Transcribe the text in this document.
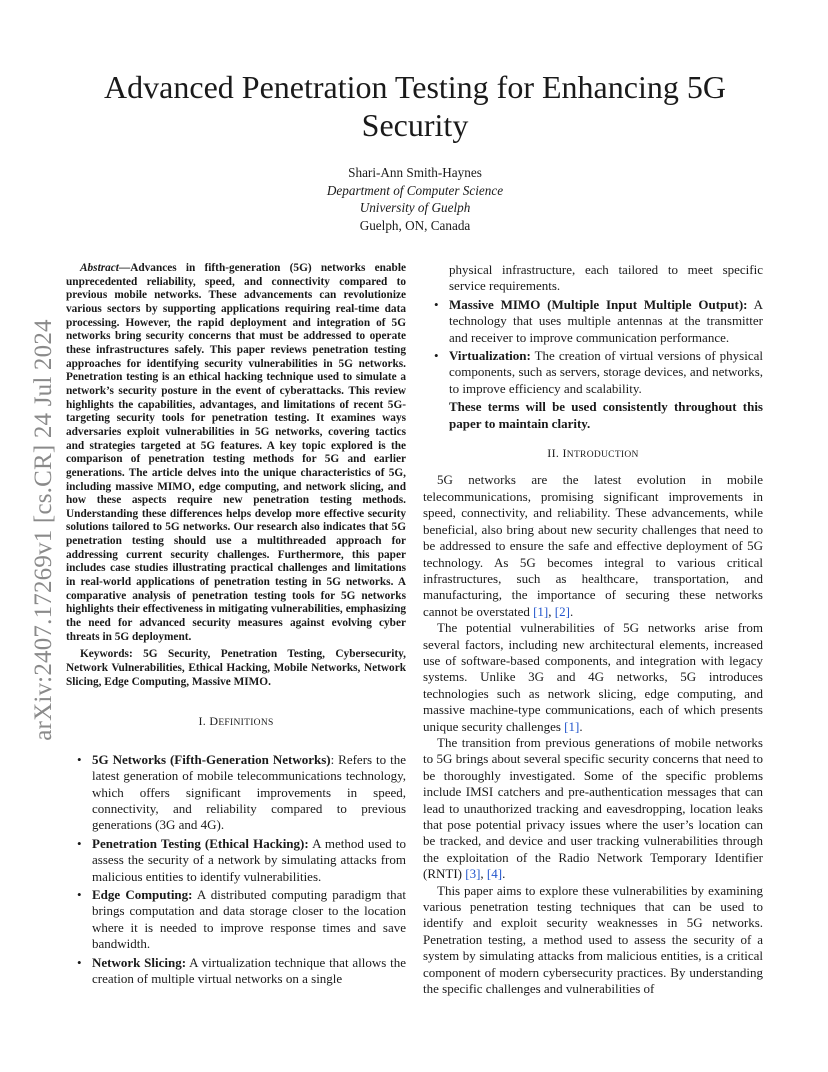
arXiv:2407.17269v1 [cs.CR] 24 Jul 2024
Advanced Penetration Testing for Enhancing 5G Security
Shari-Ann Smith-Haynes
Department of Computer Science
University of Guelph
Guelph, ON, Canada

Abstract—Advances in fifth-generation (5G) networks enable unprecedented reliability, speed, and connectivity compared to previous mobile networks. These advancements can revolutionize various sectors by supporting applications requiring real-time data processing. However, the rapid deployment and integration of 5G networks bring security concerns that must be addressed to operate these infrastructures safely. This paper reviews penetration testing approaches for identifying security vulnerabilities in 5G networks. Penetration testing is an ethical hacking technique used to simulate a network’s security posture in the event of cyberattacks. This review highlights the capabilities, advantages, and limitations of recent 5G-targeting security tools for penetration testing. It examines ways adversaries exploit vulnerabilities in 5G networks, covering tactics and strategies targeted at 5G features. A key topic explored is the comparison of penetration testing methods for 5G and earlier generations. The article delves into the unique characteristics of 5G, including massive MIMO, edge computing, and network slicing, and how these aspects require new penetration testing methods. Understanding these differences helps develop more effective security solutions tailored to 5G networks. Our research also indicates that 5G penetration testing should use a multithreaded approach for addressing current security challenges. Furthermore, this paper includes case studies illustrating practical challenges and limitations in real-world applications of penetration testing in 5G networks. A comparative analysis of penetration testing tools for 5G networks highlights their effectiveness in mitigating vulnerabilities, emphasizing the need for advanced security measures against evolving cyber threats in 5G deployment.

Keywords: 5G Security, Penetration Testing, Cybersecurity, Network Vulnerabilities, Ethical Hacking, Mobile Networks, Network Slicing, Edge Computing, Massive MIMO.

I. DEFINITIONS
• 5G Networks (Fifth-Generation Networks): Refers to the latest generation of mobile telecommunications technology, which offers significant improvements in speed, connectivity, and reliability compared to previous generations (3G and 4G).
• Penetration Testing (Ethical Hacking): A method used to assess the security of a network by simulating attacks from malicious entities to identify vulnerabilities.
• Edge Computing: A distributed computing paradigm that brings computation and data storage closer to the location where it is needed to improve response times and save bandwidth.
• Network Slicing: A virtualization technique that allows the creation of multiple virtual networks on a single
physical infrastructure, each tailored to meet specific service requirements.
• Massive MIMO (Multiple Input Multiple Output): A technology that uses multiple antennas at the transmitter and receiver to improve communication performance.
• Virtualization: The creation of virtual versions of physical components, such as servers, storage devices, and networks, to improve efficiency and scalability.
These terms will be used consistently throughout this paper to maintain clarity.
II. INTRODUCTION

5G networks are the latest evolution in mobile telecommunications, promising significant improvements in speed, connectivity, and reliability. These advancements, while beneficial, also bring about new security challenges that need to be addressed to ensure the safe and effective deployment of 5G technology. As 5G becomes integral to various critical infrastructures, such as healthcare, transportation, and manufacturing, the importance of securing these networks cannot be overstated [1], [2].

The potential vulnerabilities of 5G networks arise from several factors, including new architectural elements, increased use of software-based components, and integration with legacy systems. Unlike 3G and 4G networks, 5G introduces technologies such as network slicing, edge computing, and massive machine-type communications, each of which presents unique security challenges [1].

The transition from previous generations of mobile networks to 5G brings about several specific security concerns that need to be thoroughly investigated. Some of the specific problems include IMSI catchers and pre-authentication messages that can lead to unauthorized tracking and eavesdropping, location leaks that pose potential privacy issues where the user’s location can be tracked, and device and user tracking vulnerabilities through the exploitation of the Radio Network Temporary Identifier (RNTI) [3], [4].

This paper aims to explore these vulnerabilities by examining various penetration testing techniques that can be used to identify and exploit security weaknesses in 5G networks. Penetration testing, a method used to assess the security of a system by simulating attacks from malicious entities, is a critical component of modern cybersecurity practices. By understanding the specific challenges and vulnerabilities of
